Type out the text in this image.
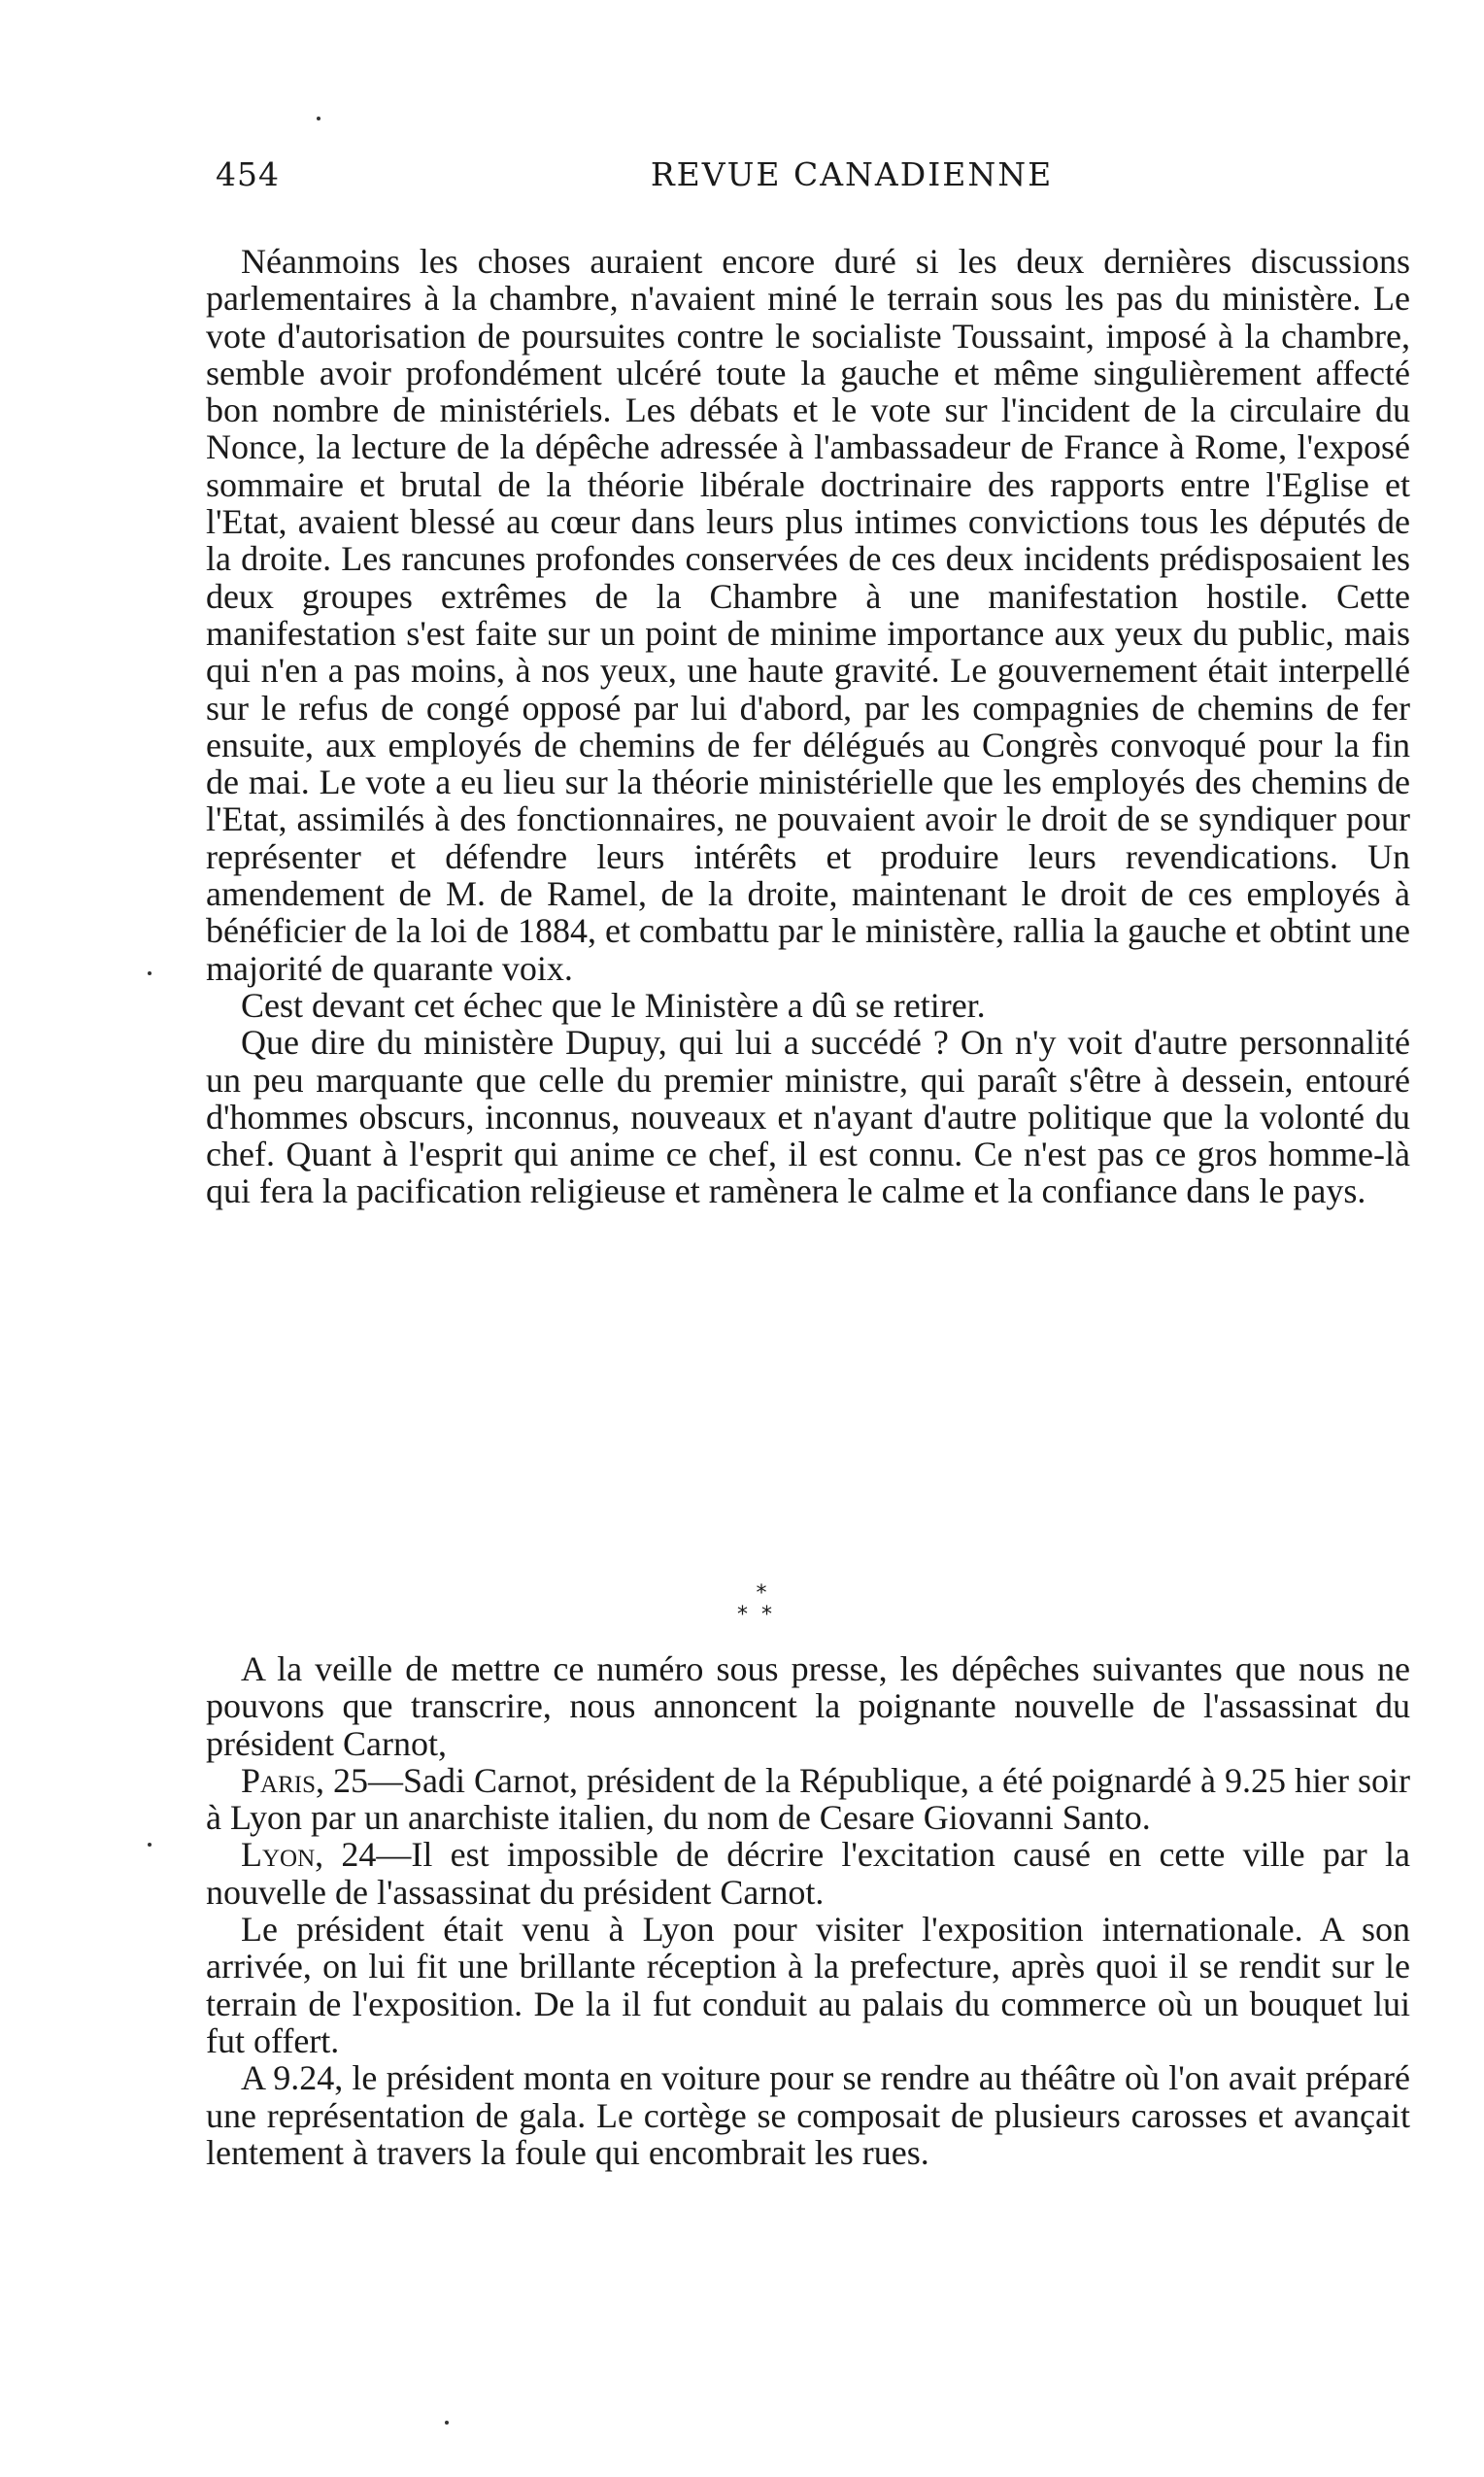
454	REVUE CANADIENNE

Néanmoins les choses auraient encore duré si les deux dernières discussions parlementaires à la chambre, n'avaient miné le terrain sous les pas du ministère. Le vote d'autorisation de poursuites contre le socialiste Toussaint, imposé à la chambre, semble avoir profondément ulcéré toute la gauche et même singulièrement affecté bon nombre de ministériels. Les débats et le vote sur l'incident de la circulaire du Nonce, la lecture de la dépêche adressée à l'ambassadeur de France à Rome, l'exposé sommaire et brutal de la théorie libérale doctrinaire des rapports entre l'Eglise et l'Etat, avaient blessé au cœur dans leurs plus intimes convictions tous les députés de la droite. Les rancunes profondes conservées de ces deux incidents prédisposaient les deux groupes extrêmes de la Chambre à une manifestation hostile. Cette manifestation s'est faite sur un point de minime importance aux yeux du public, mais qui n'en a pas moins, à nos yeux, une haute gravité. Le gouvernement était interpellé sur le refus de congé opposé par lui d'abord, par les compagnies de chemins de fer ensuite, aux employés de chemins de fer délégués au Congrès convoqué pour la fin de mai. Le vote a eu lieu sur la théorie ministérielle que les employés des chemins de l'Etat, assimilés à des fonctionnaires, ne pouvaient avoir le droit de se syndiquer pour représenter et défendre leurs intérêts et produire leurs revendications. Un amendement de M. de Ramel, de la droite, maintenant le droit de ces employés à bénéficier de la loi de 1884, et combattu par le ministère, rallia la gauche et obtint une majorité de quarante voix.

Cest devant cet échec que le Ministère a dû se retirer.

Que dire du ministère Dupuy, qui lui a succédé ? On n'y voit d'autre personnalité un peu marquante que celle du premier ministre, qui paraît s'être à dessein, entouré d'hommes obscurs, inconnus, nouveaux et n'ayant d'autre politique que la volonté du chef. Quant à l'esprit qui anime ce chef, il est connu. Ce n'est pas ce gros homme-là qui fera la pacification religieuse et ramènera le calme et la confiance dans le pays.

*
**

A la veille de mettre ce numéro sous presse, les dépêches suivantes que nous ne pouvons que transcrire, nous annoncent la poignante nouvelle de l'assassinat du président Carnot,

Paris, 25—Sadi Carnot, président de la République, a été poignardé à 9.25 hier soir à Lyon par un anarchiste italien, du nom de Cesare Giovanni Santo.

Lyon, 24—Il est impossible de décrire l'excitation causé en cette ville par la nouvelle de l'assassinat du président Carnot.

Le président était venu à Lyon pour visiter l'exposition internationale. A son arrivée, on lui fit une brillante réception à la prefecture, après quoi il se rendit sur le terrain de l'exposition. De la il fut conduit au palais du commerce où un bouquet lui fut offert.

A 9.24, le président monta en voiture pour se rendre au théâtre où l'on avait préparé une représentation de gala. Le cortège se composait de plusieurs carosses et avançait lentement à travers la foule qui encombrait les rues.
